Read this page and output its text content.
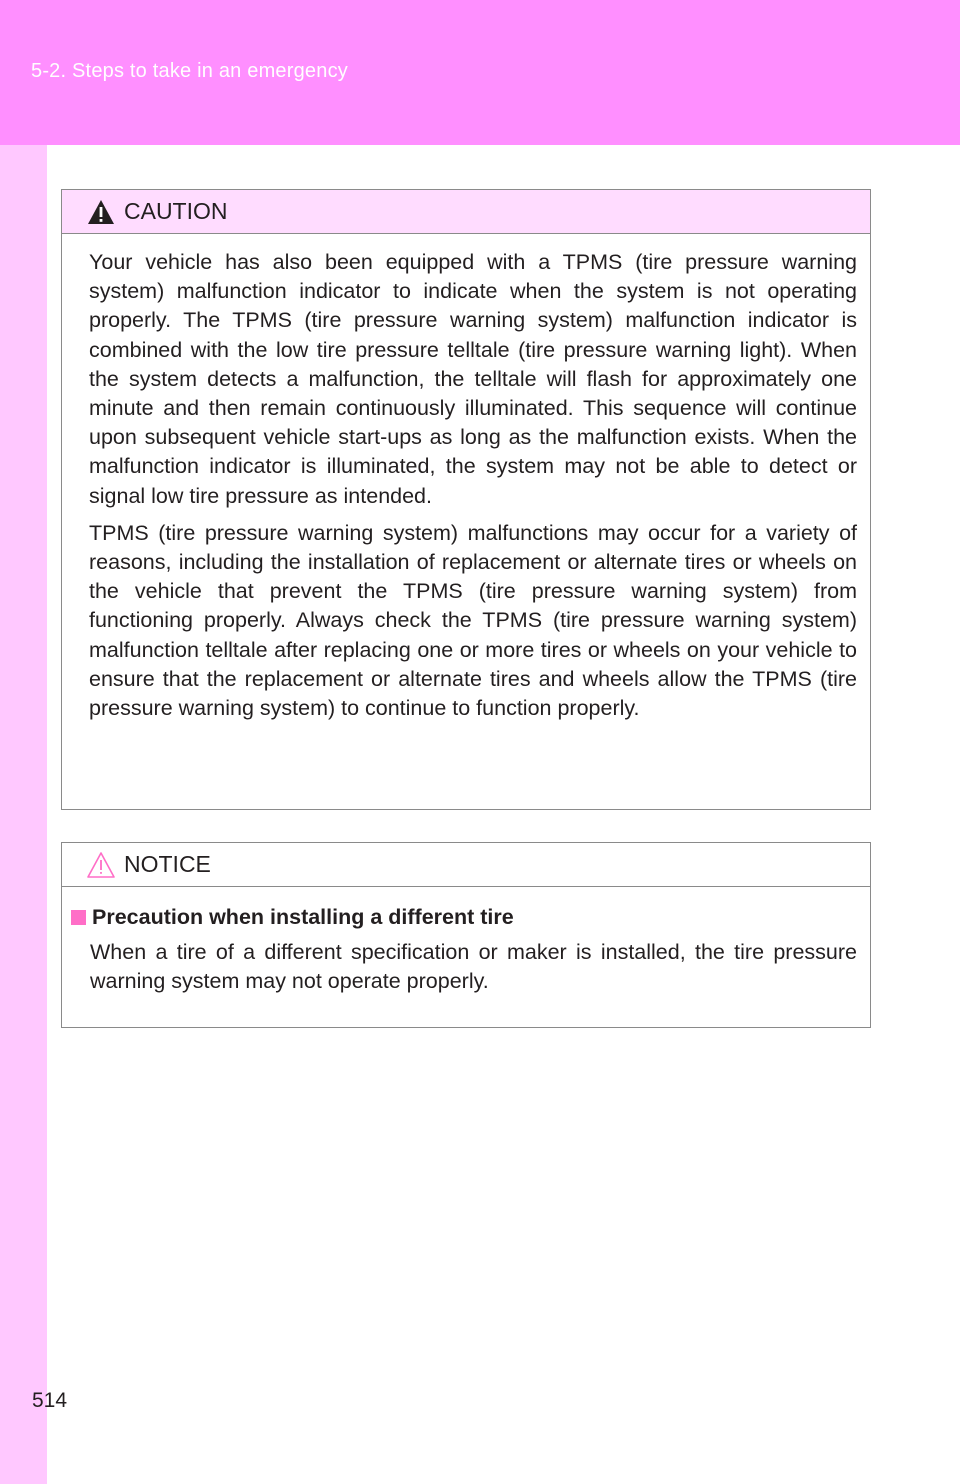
5-2. Steps to take in an emergency
CAUTION

Your vehicle has also been equipped with a TPMS (tire pressure warning system) malfunction indicator to indicate when the system is not operating properly. The TPMS (tire pressure warning system) malfunction indicator is combined with the low tire pressure telltale (tire pressure warning light). When the system detects a malfunction, the telltale will flash for approximately one minute and then remain continuously illuminated. This sequence will continue upon subsequent vehicle start-ups as long as the malfunction exists. When the malfunction indicator is illuminated, the system may not be able to detect or signal low tire pressure as intended.

TPMS (tire pressure warning system) malfunctions may occur for a variety of reasons, including the installation of replacement or alternate tires or wheels on the vehicle that prevent the TPMS (tire pressure warning system) from functioning properly. Always check the TPMS (tire pressure warning system) malfunction telltale after replacing one or more tires or wheels on your vehicle to ensure that the replacement or alternate tires and wheels allow the TPMS (tire pressure warning system) to continue to function properly.

NOTICE
Precaution when installing a different tire

When a tire of a different specification or maker is installed, the tire pressure warning system may not operate properly.

514
